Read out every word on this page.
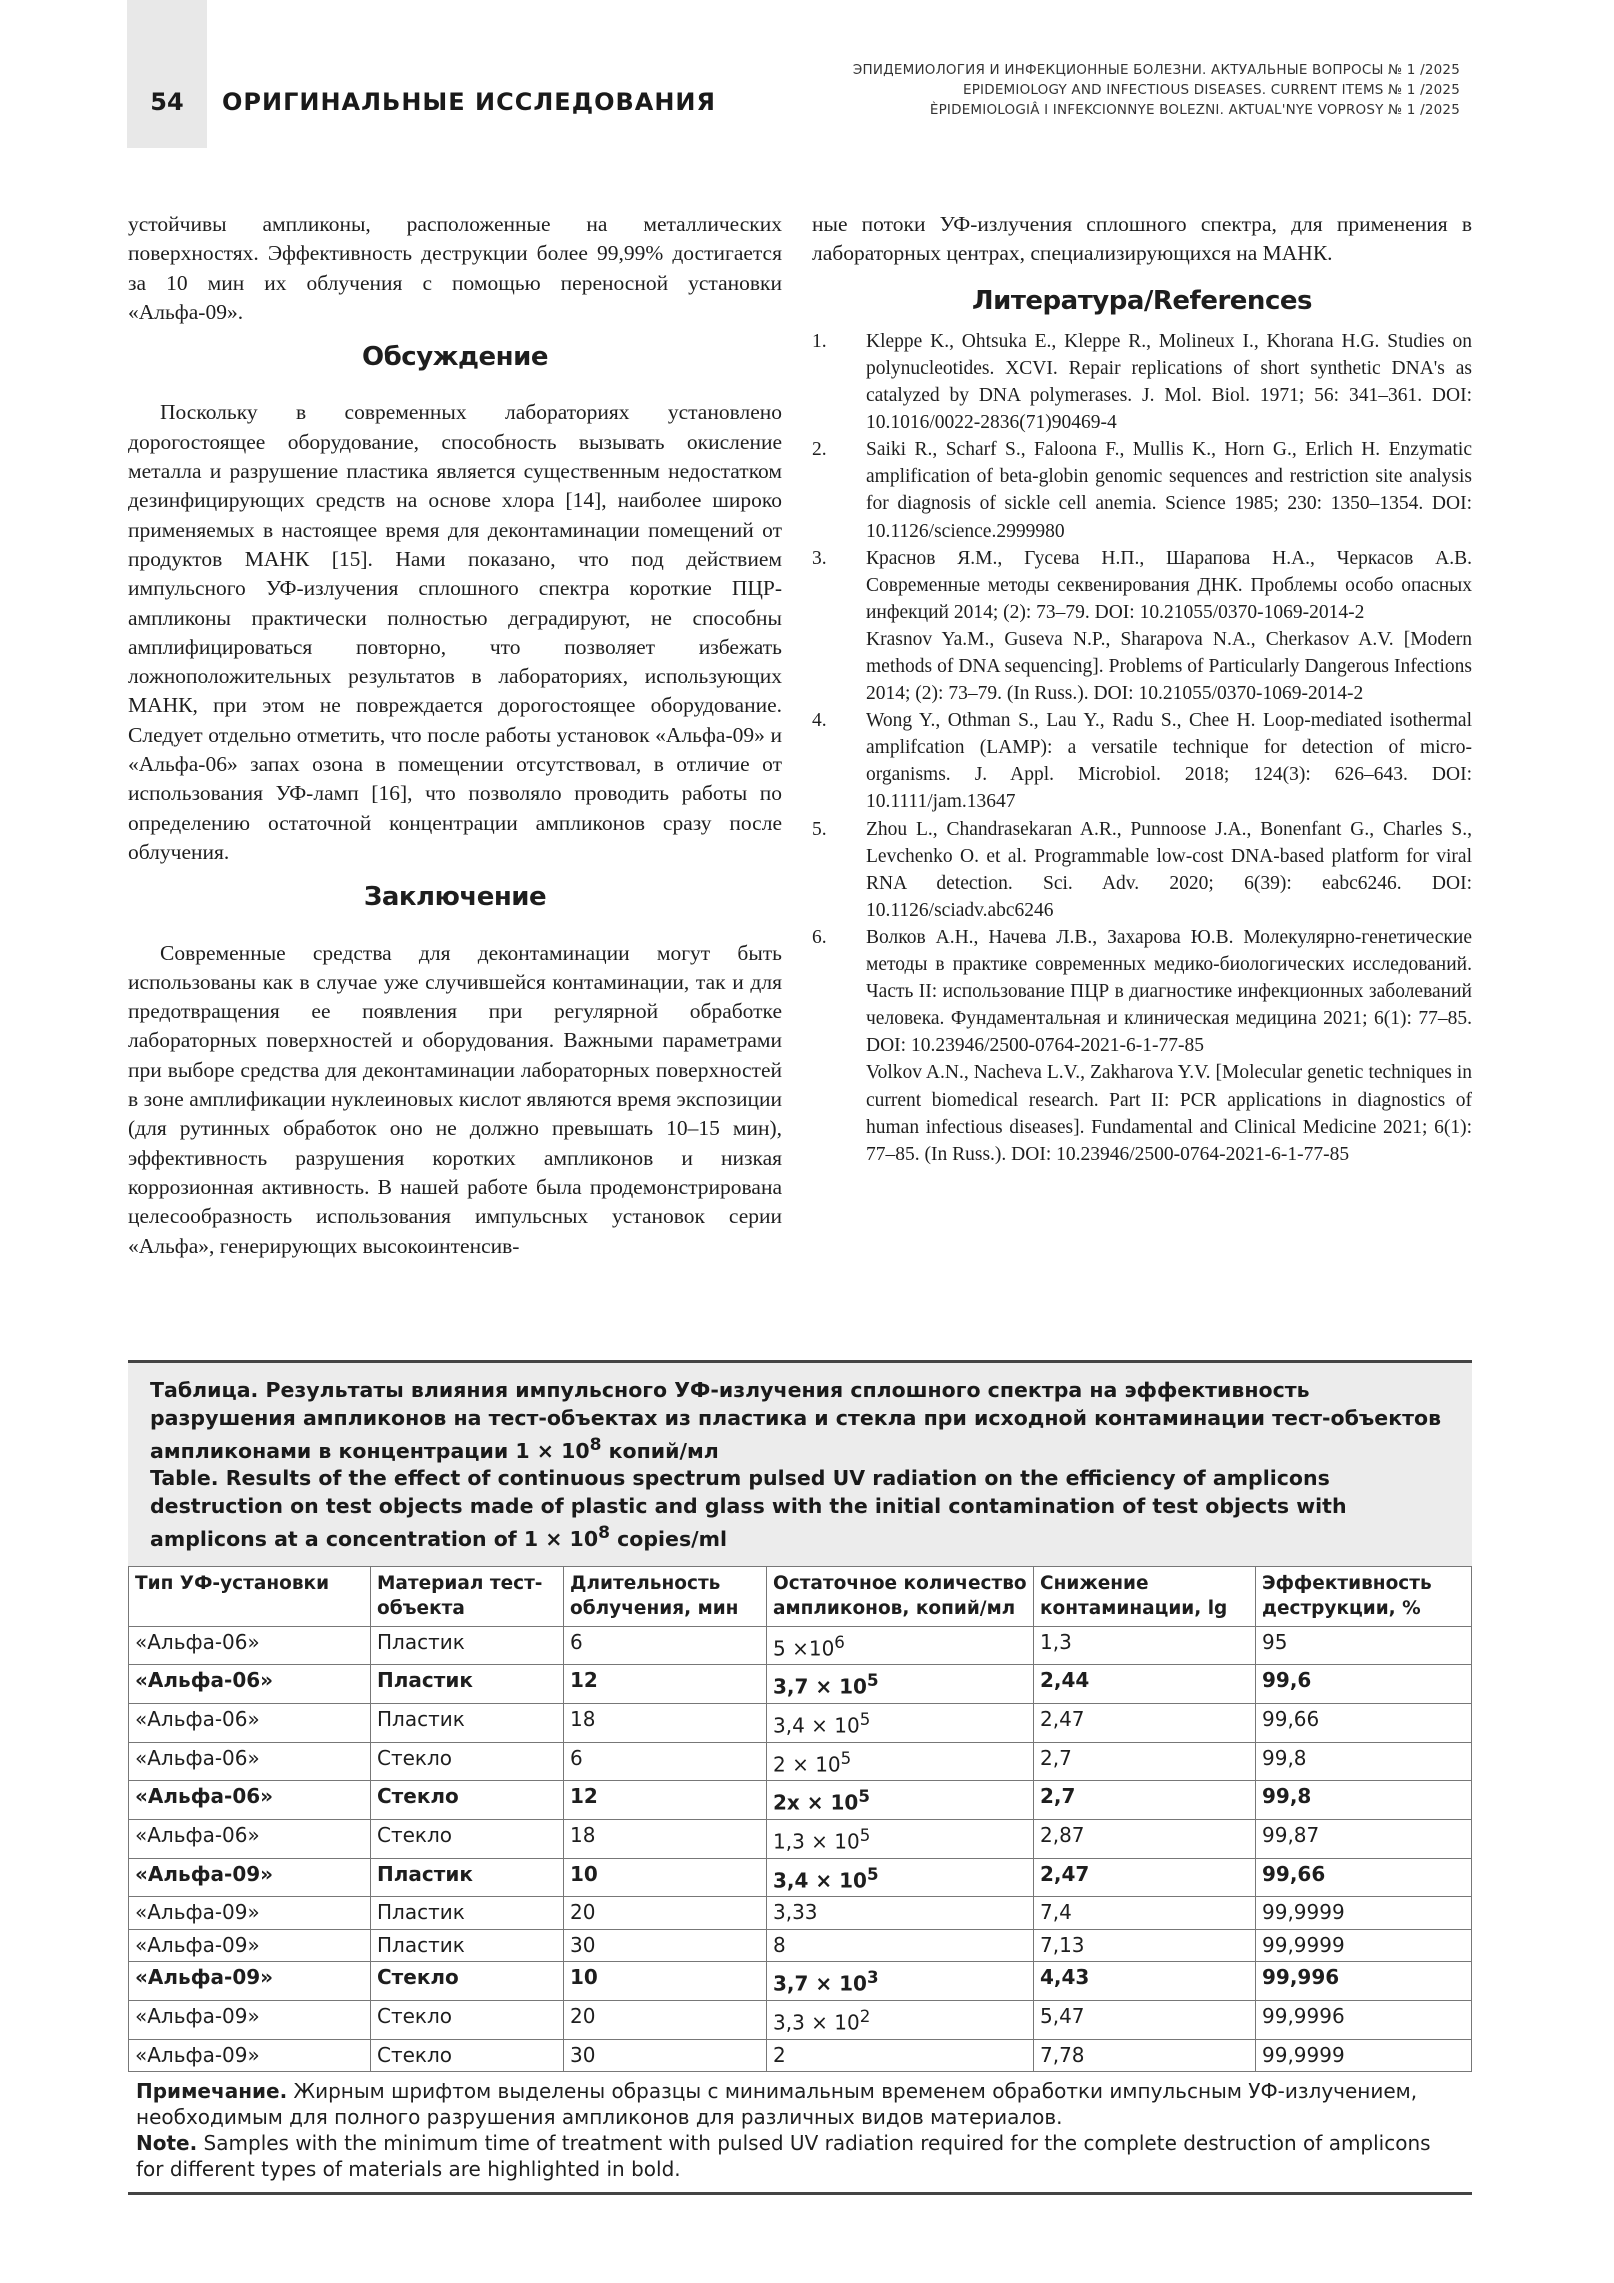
54	ОРИГИНАЛЬНЫЕ ИССЛЕДОВАНИЯ
ЭПИДЕМИОЛОГИЯ И ИНФЕКЦИОННЫЕ БОЛЕЗНИ. АКТУАЛЬНЫЕ ВОПРОСЫ № 1 /2025
EPIDEMIOLOGY AND INFECTIOUS DISEASES. CURRENT ITEMS № 1 /2025
ÈPIDEMIOLOGIÂ I INFEKCIONNYE BOLEZNI. AKTUAL'NYE VOPROSY № 1 /2025

устойчивы ампликоны, расположенные на металлических поверхностях. Эффективность деструкции более 99,99% достигается за 10 мин их облучения с помощью переносной установки «Альфа-09».

Обсуждение

Поскольку в современных лабораториях установлено дорогостоящее оборудование, способность вызывать окисление металла и разрушение пластика является существенным недостатком дезинфицирующих средств на основе хлора [14], наиболее широко применяемых в настоящее время для деконтаминации помещений от продуктов МАНК [15]. Нами показано, что под действием импульсного УФ-излучения сплошного спектра короткие ПЦР-ампликоны практически полностью деградируют, не способны амплифицироваться повторно, что позволяет избежать ложноположительных результатов в лабораториях, использующих МАНК, при этом не повреждается дорогостоящее оборудование. Следует отдельно отметить, что после работы установок «Альфа-09» и «Альфа-06» запах озона в помещении отсутствовал, в отличие от использования УФ-ламп [16], что позволяло проводить работы по определению остаточной концентрации ампликонов сразу после облучения.

Заключение

Современные средства для деконтаминации могут быть использованы как в случае уже случившейся контаминации, так и для предотвращения ее появления при регулярной обработке лабораторных поверхностей и оборудования. Важными параметрами при выборе средства для деконтаминации лабораторных поверхностей в зоне амплификации нуклеиновых кислот являются время экспозиции (для рутинных обработок оно не должно превышать 10–15 мин), эффективность разрушения коротких ампликонов и низкая коррозионная активность. В нашей работе была продемонстрирована целесообразность использования импульсных установок серии «Альфа», генерирующих высокоинтенсив-

ные потоки УФ-излучения сплошного спектра, для применения в лабораторных центрах, специализирующихся на МАНК.

Литература/References
1. Kleppe K., Ohtsuka E., Kleppe R., Molineux I., Khorana H.G. Studies on polynucleotides. XCVI. Repair replications of short synthetic DNA's as catalyzed by DNA polymerases. J. Mol. Biol. 1971; 56: 341–361. DOI: 10.1016/0022-2836(71)90469-4
2. Saiki R., Scharf S., Faloona F., Mullis K., Horn G., Erlich H. Enzymatic amplification of beta-globin genomic sequences and restriction site analysis for diagnosis of sickle cell anemia. Science 1985; 230: 1350–1354. DOI: 10.1126/science.2999980
3. Краснов Я.М., Гусева Н.П., Шарапова Н.А., Черкасов А.В. Современные методы секвенирования ДНК. Проблемы особо опасных инфекций 2014; (2): 73–79. DOI: 10.21055/0370-1069-2014-2
Krasnov Ya.M., Guseva N.P., Sharapova N.A., Cherkasov A.V. [Modern methods of DNA sequencing]. Problems of Particularly Dangerous Infections 2014; (2): 73–79. (In Russ.). DOI: 10.21055/0370-1069-2014-2
4. Wong Y., Othman S., Lau Y., Radu S., Chee H. Loop-mediated isothermal amplifcation (LAMP): a versatile technique for detection of micro-organisms. J. Appl. Microbiol. 2018; 124(3): 626–643. DOI: 10.1111/jam.13647
5. Zhou L., Chandrasekaran A.R., Punnoose J.A., Bonenfant G., Charles S., Levchenko O. et al. Programmable low-cost DNA-based platform for viral RNA detection. Sci. Adv. 2020; 6(39): eabc6246. DOI: 10.1126/sciadv.abc6246
6. Волков А.Н., Начева Л.В., Захарова Ю.В. Молекулярно-генетические методы в практике современных медико-биологических исследований. Часть II: использование ПЦР в диагностике инфекционных заболеваний человека. Фундаментальная и клиническая медицина 2021; 6(1): 77–85. DOI: 10.23946/2500-0764-2021-6-1-77-85
Volkov A.N., Nacheva L.V., Zakharova Y.V. [Molecular genetic techniques in current biomedical research. Part II: PCR applications in diagnostics of human infectious diseases]. Fundamental and Clinical Medicine 2021; 6(1): 77–85. (In Russ.). DOI: 10.23946/2500-0764-2021-6-1-77-85
Таблица. Результаты влияния импульсного УФ-излучения сплошного спектра на эффективность разрушения ампликонов на тест-объектах из пластика и стекла при исходной контаминации тест-объектов ампликонами в концентрации $1 \times 10^8$ копий/мл
Table. Results of the effect of continuous spectrum pulsed UV radiation on the efficiency of amplicons destruction on test objects made of plastic and glass with the initial contamination of test objects with amplicons at a concentration of $1 \times 10^8$ copies/ml
Тип УФ-установки	Материал тест-объекта	Длительность облучения, мин	Остаточное количество ампликонов, копий/мл	Снижение контаминации, lg	Эффективность деструкции, %
«Альфа-06»	Пластик	6	$5 \times 10^6$	1,3	95
«Альфа-06»	Пластик	12	$3,7 \times 10^5$	2,44	99,6
«Альфа-06»	Пластик	18	$3,4 \times 10^5$	2,47	99,66
«Альфа-06»	Стекло	6	$2 \times 10^5$	2,7	99,8
«Альфа-06»	Стекло	12	$2х \times 10^5$	2,7	99,8
«Альфа-06»	Стекло	18	$1,3 \times 10^5$	2,87	99,87
«Альфа-09»	Пластик	10	$3,4 \times 10^5$	2,47	99,66
«Альфа-09»	Пластик	20	3,33	7,4	99,9999
«Альфа-09»	Пластик	30	8	7,13	99,9999
«Альфа-09»	Стекло	10	$3,7 \times 10^3$	4,43	99,996
«Альфа-09»	Стекло	20	$3,3 \times 10^2$	5,47	99,9996
«Альфа-09»	Стекло	30	2	7,78	99,9999
Примечание. Жирным шрифтом выделены образцы с минимальным временем обработки импульсным УФ-излучением, необходимым для полного разрушения ампликонов для различных видов материалов.
Note. Samples with the minimum time of treatment with pulsed UV radiation required for the complete destruction of amplicons for different types of materials are highlighted in bold.
